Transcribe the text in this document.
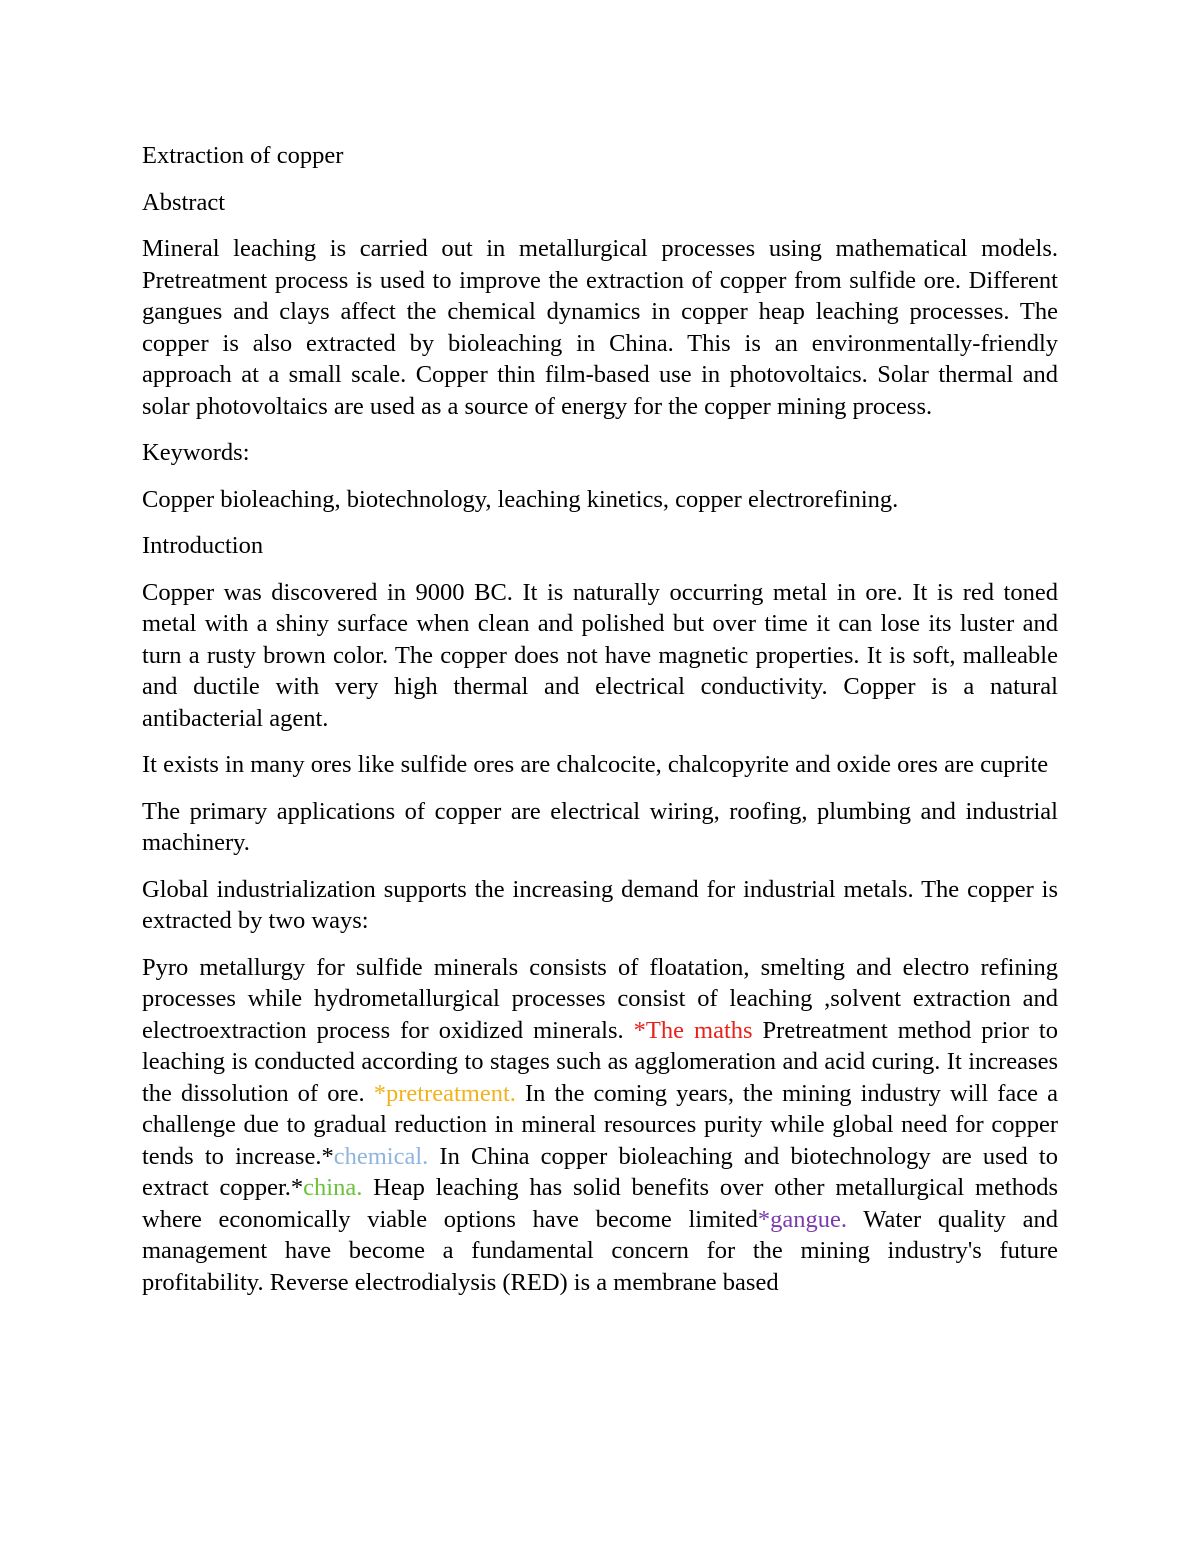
Extraction of copper

Abstract

Mineral leaching is carried out in metallurgical processes using mathematical models. Pretreatment process is used to improve the extraction of copper from sulfide ore. Different gangues and clays affect the chemical dynamics in copper heap leaching processes. The copper is also extracted by bioleaching in China. This is an environmentally-friendly approach at a small scale. Copper thin film-based use in photovoltaics. Solar thermal and solar photovoltaics are used as a source of energy for the copper mining process.

Keywords:

Copper bioleaching, biotechnology, leaching kinetics, copper electrorefining.

Introduction

Copper was discovered in 9000 BC. It is naturally occurring metal in ore. It is red toned metal with a shiny surface when clean and polished but over time it can lose its luster and turn a rusty brown color. The copper does not have magnetic properties. It is soft, malleable and ductile with very high thermal and electrical conductivity. Copper is a natural antibacterial agent.

It exists in many ores like sulfide ores are chalcocite, chalcopyrite and oxide ores are cuprite

The primary applications of copper are electrical wiring, roofing, plumbing and industrial machinery.

Global industrialization supports the increasing demand for industrial metals. The copper is extracted by two ways:

Pyro metallurgy for sulfide minerals consists of floatation, smelting and electro refining processes while hydrometallurgical processes consist of leaching ,solvent extraction and electroextraction process for oxidized minerals. *The maths Pretreatment method prior to leaching is conducted according to stages such as agglomeration and acid curing. It increases the dissolution of ore. *pretreatment. In the coming years, the mining industry will face a challenge due to gradual reduction in mineral resources purity while global need for copper tends to increase.*chemical. In China copper bioleaching and biotechnology are used to extract copper.*china. Heap leaching has solid benefits over other metallurgical methods where economically viable options have become limited*gangue. Water quality and management have become a fundamental concern for the mining industry's future profitability. Reverse electrodialysis (RED) is a membrane based
